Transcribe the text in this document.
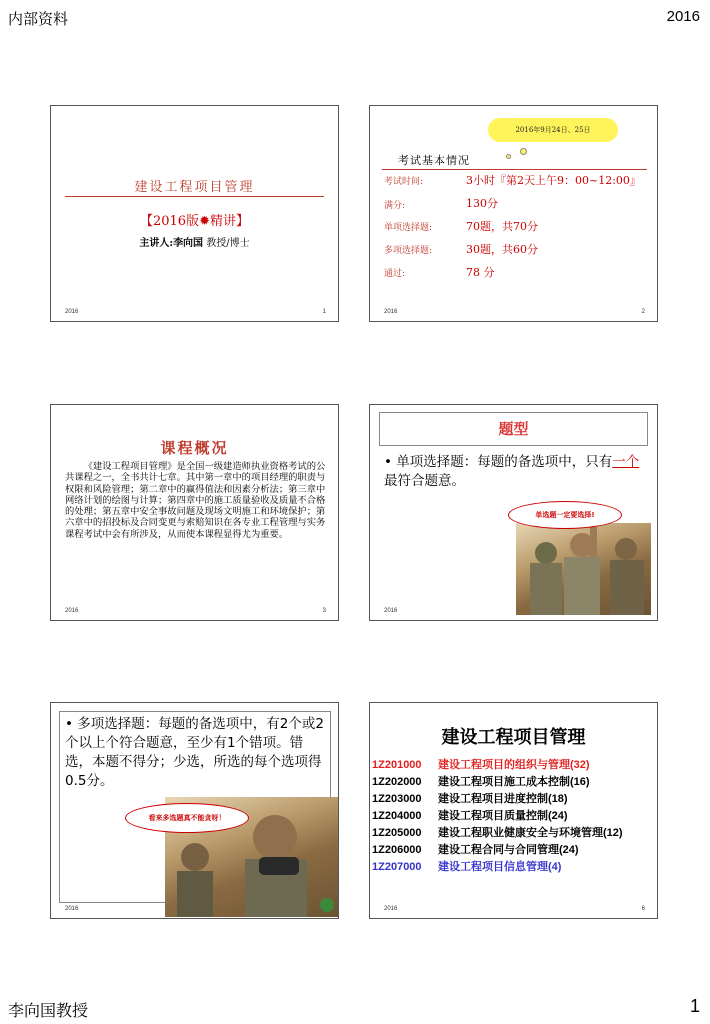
内部资料	2016
李向国教授	1
建设工程项目管理
【2016版✹精讲】
主讲人:李向国 教授/博士
2016	1
2016年9月24日、25日
考试基本情况
考试时间:	3小时『第2天上午9：00~12:00』
满分:	130分
单项选择题:	70题，共70分
多项选择题:	30题，共60分
通过:	78 分
2016	2
课程概况
《建设工程项目管理》是全国一级建造师执业资格考试的公共课程之一，全书共计七章。其中第一章中的项目经理的职责与权限和风险管理；第二章中的赢得值法和因素分析法；第三章中网络计划的绘图与计算；第四章中的施工质量验收及质量不合格的处理；第五章中安全事故问题及现场文明施工和环境保护；第六章中的招投标及合同变更与索赔知识在各专业工程管理与实务课程考试中会有所涉及，从而使本课程显得尤为重要。
2016	3
题型
• 单项选择题：每题的备选项中，只有一个最符合题意。
单选题一定要选择!
2016
• 多项选择题：每题的备选项中，有2个或2个以上个符合题意，至少有1个错项。错选，本题不得分；少选，所选的每个选项得0.5分。
看来多选题真不能贪呀！
2016
建设工程项目管理
1Z201000 建设工程项目的组织与管理(32)
1Z202000 建设工程项目施工成本控制(16)
1Z203000 建设工程项目进度控制(18)
1Z204000 建设工程项目质量控制(24)
1Z205000 建设工程职业健康安全与环境管理(12)
1Z206000 建设工程合同与合同管理(24)
1Z207000 建设工程项目信息管理(4)
2016	6
